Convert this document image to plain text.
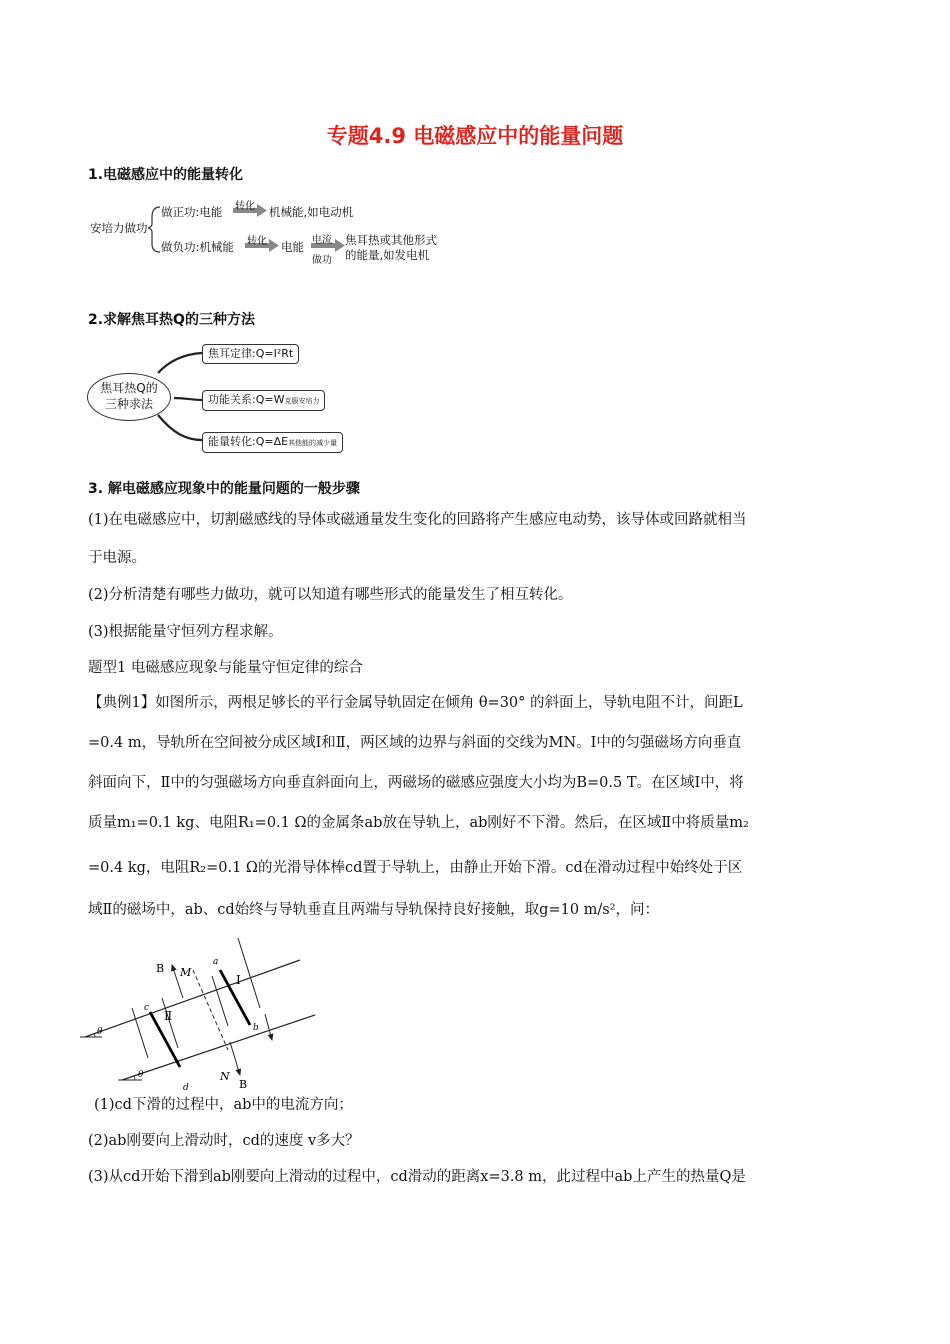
专题4.9 电磁感应中的能量问题
1.电磁感应中的能量转化
安培力做功
做正功:电能 转化 机械能,如电动机
做负功:机械能 转化 电能 电流
做功
焦耳热或其他形式
的能量,如发电机
2.求解焦耳热Q的三种方法
焦耳热Q的
三种求法
焦耳定律:Q=I²Rt
功能关系:Q=W克服安培力
能量转化:Q=ΔE其他能的减少量
3. 解电磁感应现象中的能量问题的一般步骤
(1)在电磁感应中，切割磁感线的导体或磁通量发生变化的回路将产生感应电动势，该导体或回路就相当
于电源。
(2)分析清楚有哪些力做功，就可以知道有哪些形式的能量发生了相互转化。
(3)根据能量守恒列方程求解。
题型1 电磁感应现象与能量守恒定律的综合
【典例1】如图所示，两根足够长的平行金属导轨固定在倾角 θ=30° 的斜面上，导轨电阻不计，间距L
=0.4 m，导轨所在空间被分成区域Ⅰ和Ⅱ，两区域的边界与斜面的交线为MN。Ⅰ中的匀强磁场方向垂直
斜面向下，Ⅱ中的匀强磁场方向垂直斜面向上，两磁场的磁感应强度大小均为B=0.5 T。在区域Ⅰ中，将
质量m₁=0.1 kg、电阻R₁=0.1 Ω的金属条ab放在导轨上，ab刚好不下滑。然后，在区域Ⅱ中将质量m₂
=0.4 kg，电阻R₂=0.1 Ω的光滑导体棒cd置于导轨上，由静止开始下滑。cd在滑动过程中始终处于区
域Ⅱ的磁场中，ab、cd始终与导轨垂直且两端与导轨保持良好接触，取g=10 m/s²，问：
B M
a
Ⅰ
c
Ⅱ
b
θ
θ	N
d	B
(1)cd下滑的过程中，ab中的电流方向；
(2)ab刚要向上滑动时，cd的速度 v多大？
(3)从cd开始下滑到ab刚要向上滑动的过程中，cd滑动的距离x=3.8 m，此过程中ab上产生的热量Q是
